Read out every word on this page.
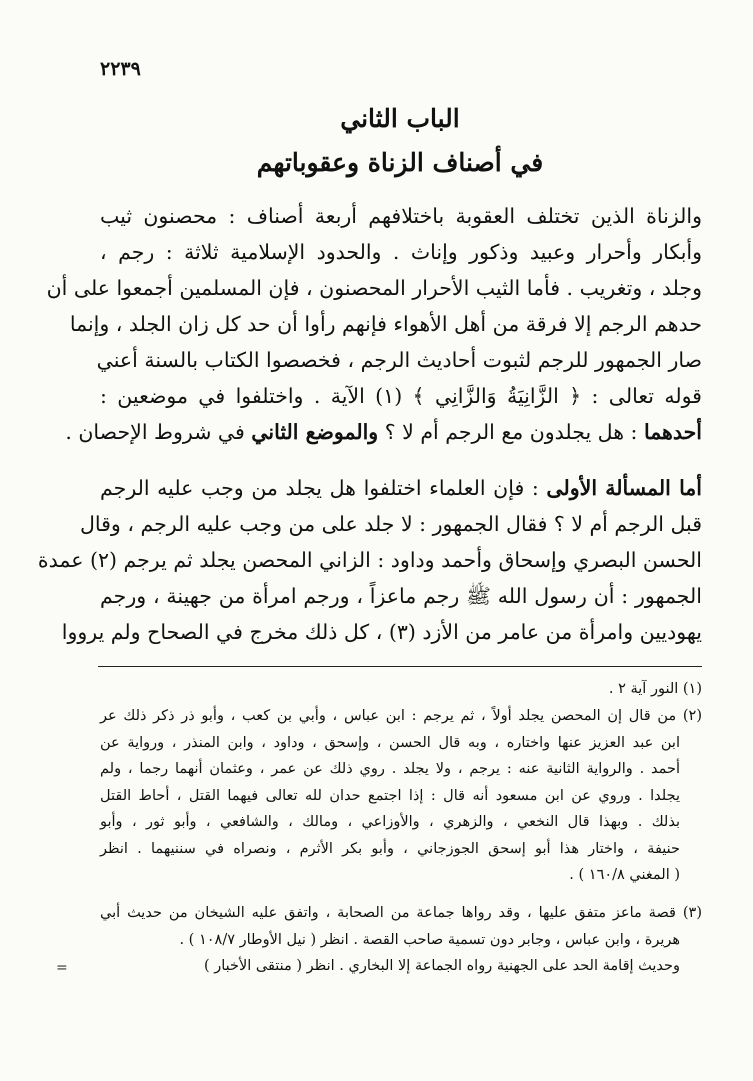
٢٢٣٩
الباب الثاني
في أصناف الزناة وعقوباتهم
والزناة الذين تختلف العقوبة باختلافهم أربعة أصناف : محصنون ثيب
وأبكار وأحرار وعبيد وذكور وإناث . والحدود الإسلامية ثلاثة : رجم ،
وجلد ، وتغريب . فأما الثيب الأحرار المحصنون ، فإن المسلمين أجمعوا على أن
حدهم الرجم إلا فرقة من أهل الأهواء فإنهم رأوا أن حد كل زان الجلد ، وإنما
صار الجمهور للرجم لثبوت أحاديث الرجم ، فخصصوا الكتاب بالسنة أعني
قوله تعالى : ﴿ الزَّانِيَةُ وَالزَّانِي ﴾ (١) الآية . واختلفوا في موضعين :
أحدهما : هل يجلدون مع الرجم أم لا ؟ والموضع الثاني في شروط الإحصان .
أما المسألة الأولى : فإن العلماء اختلفوا هل يجلد من وجب عليه الرجم
قبل الرجم أم لا ؟ فقال الجمهور : لا جلد على من وجب عليه الرجم ، وقال
الحسن البصري وإسحاق وأحمد وداود : الزاني المحصن يجلد ثم يرجم (٢) عمدة
الجمهور : أن رسول الله ﷺ رجم ماعزاً ، ورجم امرأة من جهينة ، ورجم
يهوديين وامرأة من عامر من الأزد (٣) ، كل ذلك مخرج في الصحاح ولم يرووا
(١) النور آية ٢ .
(٢) من قال إن المحصن يجلد أولاً ، ثم يرجم : ابن عباس ، وأبي بن كعب ، وأبو ذر ذكر ذلك عر
ابن عبد العزيز عنها واختاره ، وبه قال الحسن ، وإسحق ، وداود ، وابن المنذر ، ورواية عن
أحمد . والرواية الثانية عنه : يرجم ، ولا يجلد . روي ذلك عن عمر ، وعثمان أنهما رجما ، ولم
يجلدا . وروي عن ابن مسعود أنه قال : إذا اجتمع حدان لله تعالى فيهما القتل ، أحاط القتل
بذلك . وبهذا قال النخعي ، والزهري ، والأوزاعي ، ومالك ، والشافعي ، وأبو ثور ، وأبو
حنيفة ، واختار هذا أبو إسحق الجوزجاني ، وأبو بكر الأثرم ، ونصراه في سننيهما . انظر
( المغني ١٦٠/٨ ) .
(٣) قصة ماعز متفق عليها ، وقد رواها جماعة من الصحابة ، واتفق عليه الشيخان من حديث أبي
هريرة ، وابن عباس ، وجابر دون تسمية صاحب القصة . انظر ( نيل الأوطار ١٠٨/٧ ) .
وحديث إقامة الحد على الجهنية رواه الجماعة إلا البخاري . انظر ( منتقى الأخبار )
=
